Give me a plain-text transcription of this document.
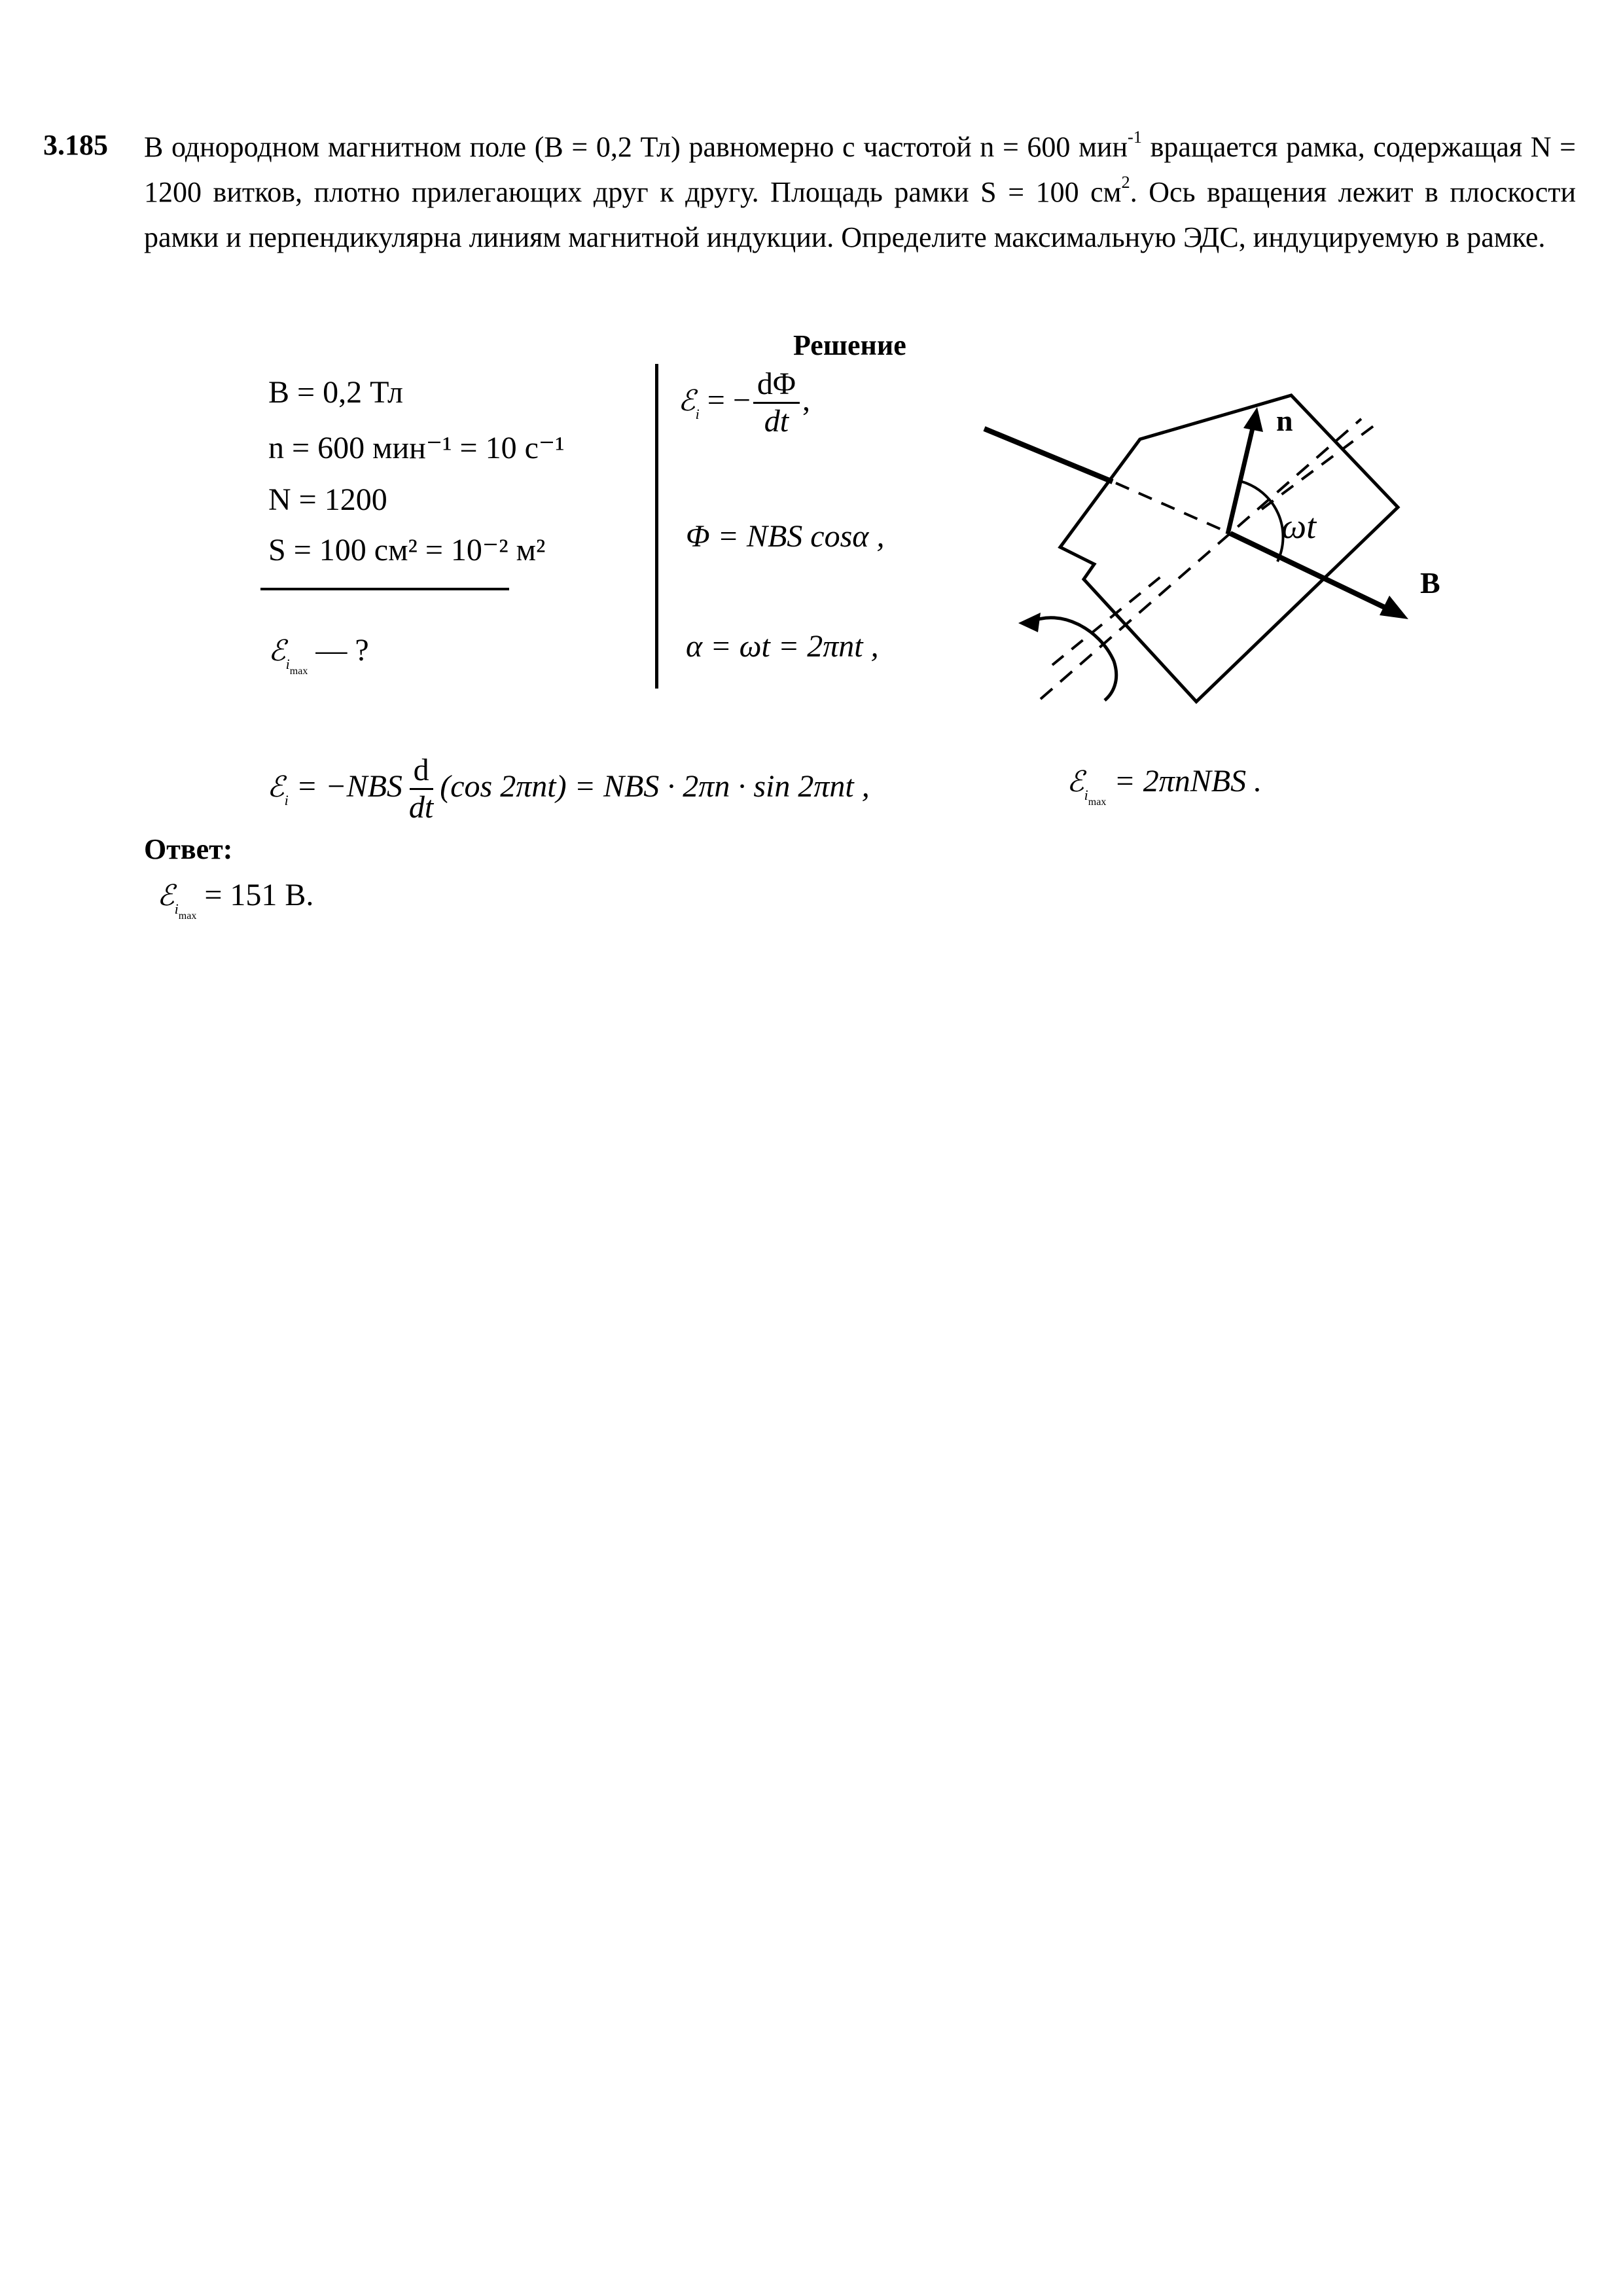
3.185 В однородном магнитном поле (B = 0,2 Тл) равномерно с частотой n = 600 мин$^{-1}$ вращается рамка, содержащая N = 1200 витков, плотно прилегающих друг к другу. Площадь рамки S = 100 $см^2$. Ось вращения лежит в плоскости рамки и перпендикулярна линиям магнитной индукции. Определите максимальную ЭДС, индуцируемую в рамке.
Решение
B = 0,2 Тл
n = 600 мин⁻¹ = 10 с⁻¹
N = 1200
S = 100 см² = 10⁻² м²
ℰ$_{i_{max}}$ — ?
ℰ$_i$ = − $\frac{d\Phi}{dt}$ ,
Φ = NBS cosα ,
α = ωt = 2πnt ,
ℰ$_i$ = $-NBS \frac{d}{dt} (\cos$ 2πnt) = NBS · 2πn · sin 2πnt ,	ℰ$_{i_{max}}$ = 2πnNBS .
n
ωt
B
Ответ:
ℰ$_{i_{max}}$ = 151 В.
